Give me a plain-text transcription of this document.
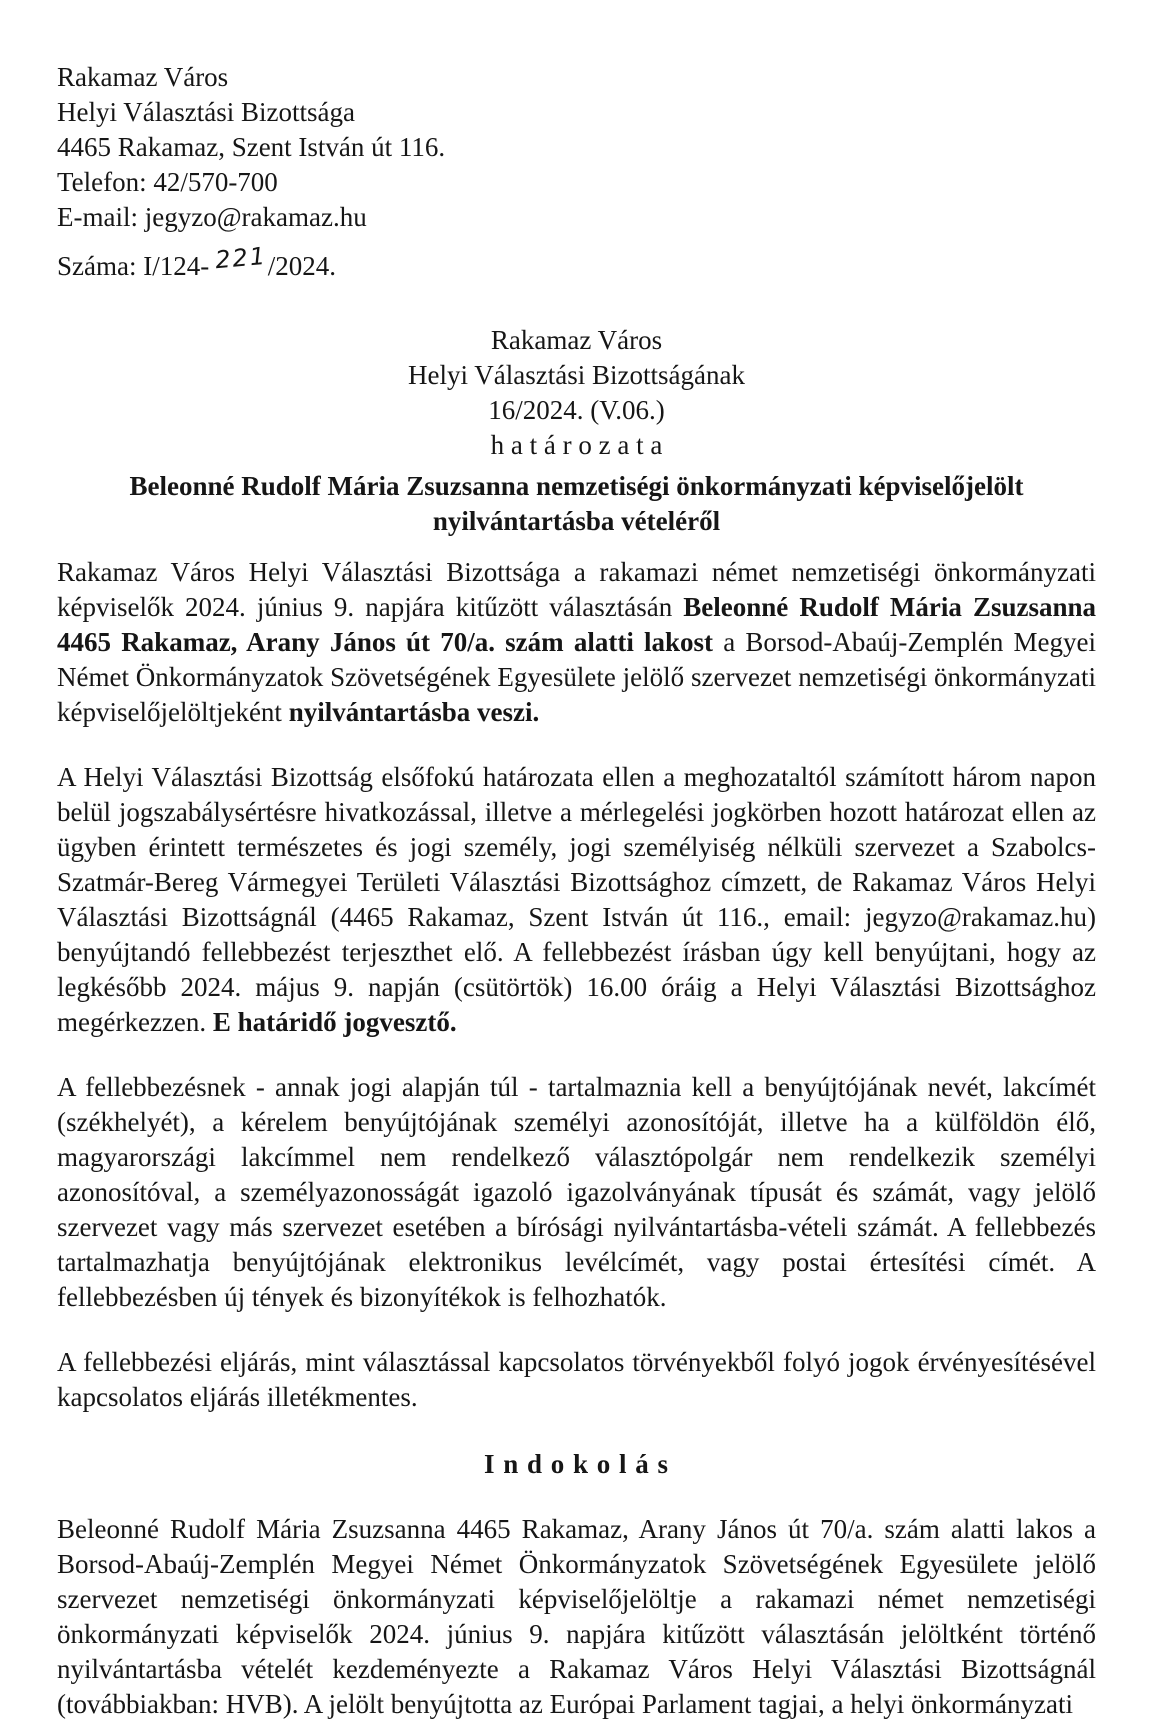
Rakamaz Város
Helyi Választási Bizottsága
4465 Rakamaz, Szent István út 116.
Telefon: 42/570-700
E-mail: jegyzo@rakamaz.hu
Száma: I/124- 221/2024.
Rakamaz Város
Helyi Választási Bizottságának
16/2024. (V.06.)
h a t á r o z a t a
Beleonné Rudolf Mária Zsuzsanna nemzetiségi önkormányzati képviselőjelölt nyilvántartásba vételéről

Rakamaz Város Helyi Választási Bizottsága a rakamazi német nemzetiségi önkormányzati képviselők 2024. június 9. napjára kitűzött választásán Beleonné Rudolf Mária Zsuzsanna 4465 Rakamaz, Arany János út 70/a. szám alatti lakost a Borsod-Abaúj-Zemplén Megyei Német Önkormányzatok Szövetségének Egyesülete jelölő szervezet nemzetiségi önkormányzati képviselőjelöltjeként nyilvántartásba veszi.

A Helyi Választási Bizottság elsőfokú határozata ellen a meghozataltól számított három napon belül jogszabálysértésre hivatkozással, illetve a mérlegelési jogkörben hozott határozat ellen az ügyben érintett természetes és jogi személy, jogi személyiség nélküli szervezet a Szabolcs-Szatmár-Bereg Vármegyei Területi Választási Bizottsághoz címzett, de Rakamaz Város Helyi Választási Bizottságnál (4465 Rakamaz, Szent István út 116., email: jegyzo@rakamaz.hu) benyújtandó fellebbezést terjeszthet elő. A fellebbezést írásban úgy kell benyújtani, hogy az legkésőbb 2024. május 9. napján (csütörtök) 16.00 óráig a Helyi Választási Bizottsághoz megérkezzen. E határidő jogvesztő.

A fellebbezésnek - annak jogi alapján túl - tartalmaznia kell a benyújtójának nevét, lakcímét (székhelyét), a kérelem benyújtójának személyi azonosítóját, illetve ha a külföldön élő, magyarországi lakcímmel nem rendelkező választópolgár nem rendelkezik személyi azonosítóval, a személyazonosságát igazoló igazolványának típusát és számát, vagy jelölő szervezet vagy más szervezet esetében a bírósági nyilvántartásba-vételi számát. A fellebbezés tartalmazhatja benyújtójának elektronikus levélcímét, vagy postai értesítési címét. A fellebbezésben új tények és bizonyítékok is felhozhatók.

A fellebbezési eljárás, mint választással kapcsolatos törvényekből folyó jogok érvényesítésével kapcsolatos eljárás illetékmentes.

I n d o k o l á s

Beleonné Rudolf Mária Zsuzsanna 4465 Rakamaz, Arany János út 70/a. szám alatti lakos a Borsod-Abaúj-Zemplén Megyei Német Önkormányzatok Szövetségének Egyesülete jelölő szervezet nemzetiségi önkormányzati képviselőjelöltje a rakamazi német nemzetiségi önkormányzati képviselők 2024. június 9. napjára kitűzött választásán jelöltként történő nyilvántartásba vételét kezdeményezte a Rakamaz Város Helyi Választási Bizottságnál (továbbiakban: HVB). A jelölt benyújtotta az Európai Parlament tagjai, a helyi önkormányzati
